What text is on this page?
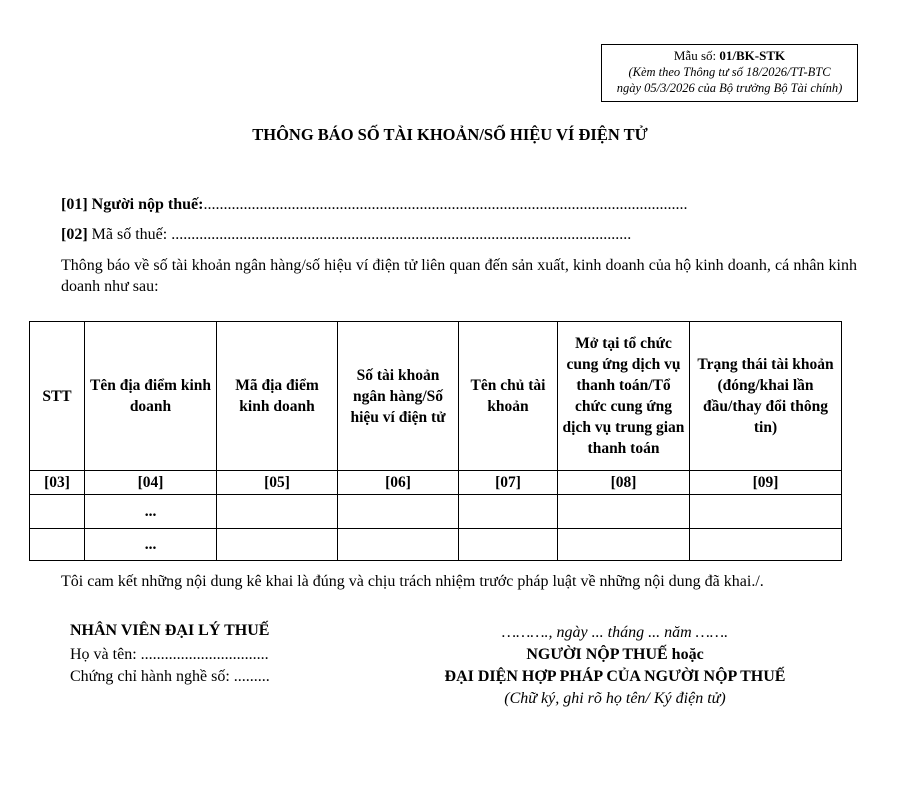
Mẫu số: 01/BK-STK
(Kèm theo Thông tư số 18/2026/TT-BTC
ngày 05/3/2026 của Bộ trưởng Bộ Tài chính)
THÔNG BÁO SỐ TÀI KHOẢN/SỐ HIỆU VÍ ĐIỆN TỬ
[01] Người nộp thuế:.........................................................................................................................
[02] Mã số thuế: ...................................................................................................................
Thông báo về số tài khoản ngân hàng/số hiệu ví điện tử liên quan đến sản xuất, kinh doanh của hộ kinh doanh, cá nhân kinh doanh như sau:
STT	Tên địa điểm kinh doanh	Mã địa điểm kinh doanh	Số tài khoản ngân hàng/Số hiệu ví điện tử	Tên chủ tài khoản	Mở tại tổ chức cung ứng dịch vụ thanh toán/Tổ chức cung ứng dịch vụ trung gian thanh toán	Trạng thái tài khoản (đóng/khai lần đầu/thay đổi thông tin)
[03]	[04]	[05]	[06]	[07]	[08]	[09]
	...					
	...					
Tôi cam kết những nội dung kê khai là đúng và chịu trách nhiệm trước pháp luật về những nội dung đã khai./.
NHÂN VIÊN ĐẠI LÝ THUẾ
Họ và tên: ................................
Chứng chỉ hành nghề số: .........
………., ngày ... tháng ... năm …….
NGƯỜI NỘP THUẾ hoặc
ĐẠI DIỆN HỢP PHÁP CỦA NGƯỜI NỘP THUẾ
(Chữ ký, ghi rõ họ tên/ Ký điện tử)
